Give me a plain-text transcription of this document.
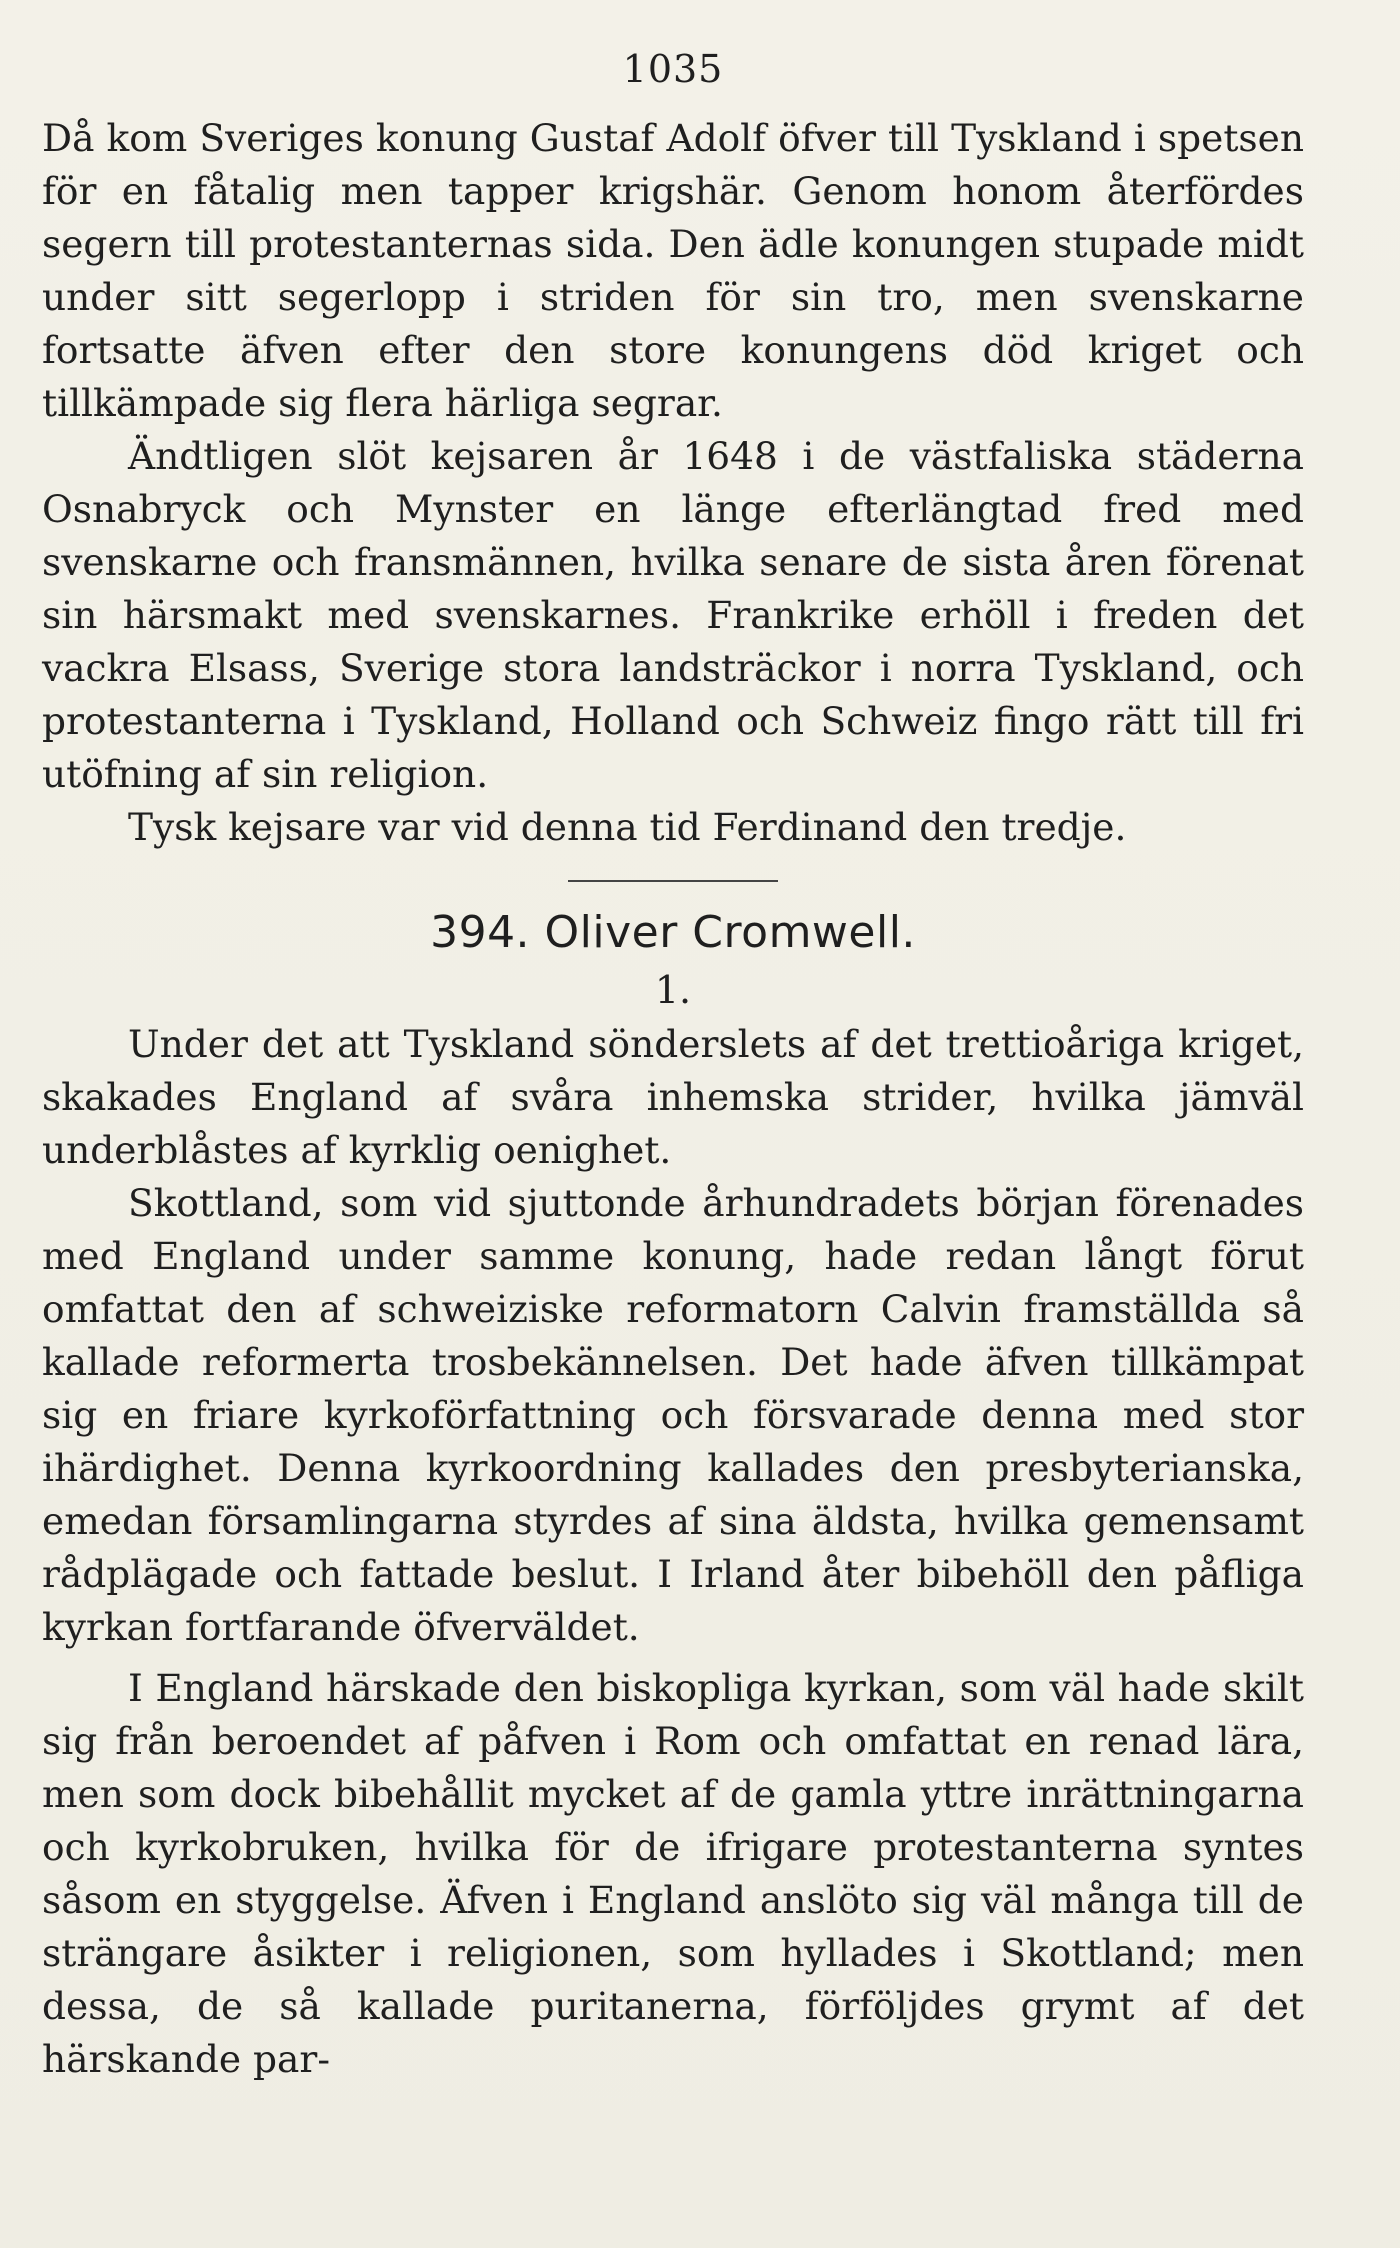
1035

Då kom Sveriges konung Gustaf Adolf öfver till Tyskland i spetsen för en fåtalig men tapper krigshär. Genom honom återfördes segern till protestanternas sida. Den ädle konungen stupade midt under sitt segerlopp i striden för sin tro, men svenskarne fortsatte äfven efter den store konungens död kriget och tillkämpade sig flera härliga segrar.

Ändtligen slöt kejsaren år 1648 i de västfaliska städerna Osnabryck och Mynster en länge efterlängtad fred med svenskarne och fransmännen, hvilka senare de sista åren förenat sin härsmakt med svenskarnes. Frankrike erhöll i freden det vackra Elsass, Sverige stora landsträckor i norra Tyskland, och protestanterna i Tyskland, Holland och Schweiz fingo rätt till fri utöfning af sin religion.

Tysk kejsare var vid denna tid Ferdinand den tredje.

394. Oliver Cromwell.
1.

Under det att Tyskland sönderslets af det trettioåriga kriget, skakades England af svåra inhemska strider, hvilka jämväl underblåstes af kyrklig oenighet.

Skottland, som vid sjuttonde århundradets början förenades med England under samme konung, hade redan långt förut omfattat den af schweiziske reformatorn Calvin framställda så kallade reformerta trosbekännelsen. Det hade äfven tillkämpat sig en friare kyrkoförfattning och försvarade denna med stor ihärdighet. Denna kyrkoordning kallades den presbyterianska, emedan församlingarna styrdes af sina äldsta, hvilka gemensamt rådplägade och fattade beslut. I Irland åter bibehöll den påfliga kyrkan fortfarande öfverväldet.

I England härskade den biskopliga kyrkan, som väl hade skilt sig från beroendet af påfven i Rom och omfattat en renad lära, men som dock bibehållit mycket af de gamla yttre inrättningarna och kyrkobruken, hvilka för de ifrigare protestanterna syntes såsom en styggelse. Äfven i England anslöto sig väl många till de strängare åsikter i religionen, som hyllades i Skottland; men dessa, de så kallade puritanerna, förföljdes grymt af det härskande par-
